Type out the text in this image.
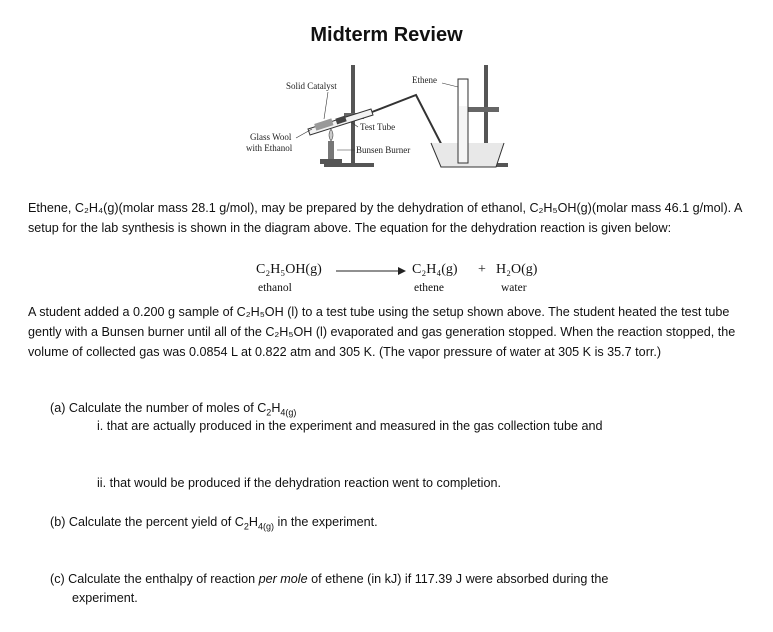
Midterm Review
Solid Catalyst
Ethene
Test Tube
Glass Wool
with Ethanol	Bunsen Burner
Ethene, C₂H₄(g)(molar mass 28.1 g/mol), may be prepared by the dehydration of ethanol, C₂H₅OH(g)(molar mass 46.1 g/mol). A setup for the lab synthesis is shown in the diagram above. The equation for the dehydration reaction is given below:
C₂H₅OH(g)	C₂H₄(g) + H₂O(g)
ethanol	ethene	water
A student added a 0.200 g sample of C₂H₅OH (l) to a test tube using the setup shown above. The student heated the test tube gently with a Bunsen burner until all of the C₂H₅OH (l) evaporated and gas generation stopped. When the reaction stopped, the volume of collected gas was 0.0854 L at 0.822 atm and 305 K. (The vapor pressure of water at 305 K is 35.7 torr.)
(a) Calculate the number of moles of $C_2H_{4(g)}$
i. that are actually produced in the experiment and measured in the gas collection tube and
ii. that would be produced if the dehydration reaction went to completion.
(b) Calculate the percent yield of $C_2H_{4(g)}$ in the experiment.
(c) Calculate the enthalpy of reaction per mole of ethene (in kJ) if 117.39 J were absorbed during the
experiment.
